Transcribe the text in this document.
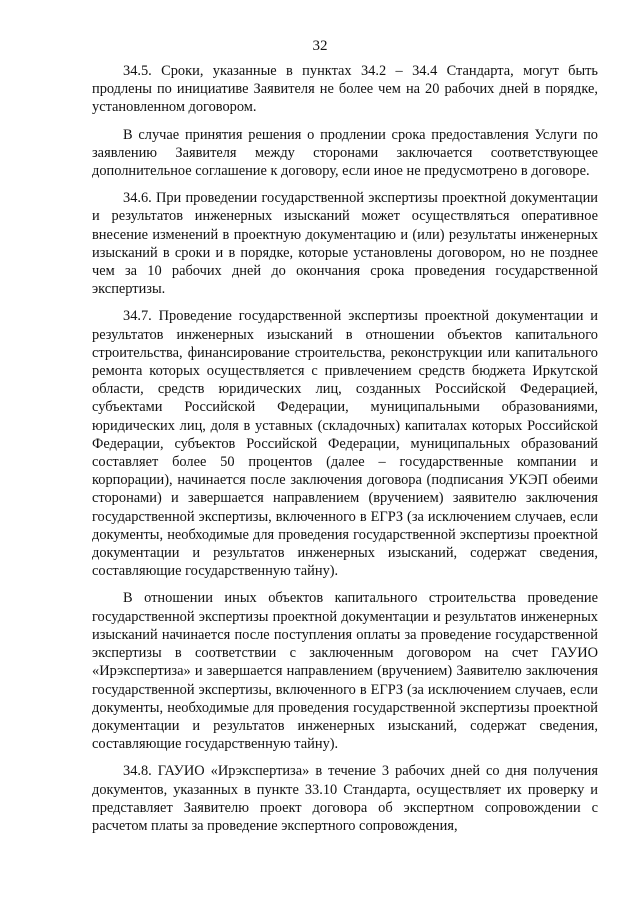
32

34.5. Сроки, указанные в пунктах 34.2 – 34.4 Стандарта, могут быть продлены по инициативе Заявителя не более чем на 20 рабочих дней в порядке, установленном договором.

В случае принятия решения о продлении срока предоставления Услуги по заявлению Заявителя между сторонами заключается соответствующее дополнительное соглашение к договору, если иное не предусмотрено в договоре.

34.6. При проведении государственной экспертизы проектной документации и результатов инженерных изысканий может осуществляться оперативное внесение изменений в проектную документацию и (или) результаты инженерных изысканий в сроки и в порядке, которые установлены договором, но не позднее чем за 10 рабочих дней до окончания срока проведения государственной экспертизы.

34.7. Проведение государственной экспертизы проектной документации и результатов инженерных изысканий в отношении объектов капитального строительства, финансирование строительства, реконструкции или капитального ремонта которых осуществляется с привлечением средств бюджета Иркутской области, средств юридических лиц, созданных Российской Федерацией, субъектами Российской Федерации, муниципальными образованиями, юридических лиц, доля в уставных (складочных) капиталах которых Российской Федерации, субъектов Российской Федерации, муниципальных образований составляет более 50 процентов (далее – государственные компании и корпорации), начинается после заключения договора (подписания УКЭП обеими сторонами) и завершается направлением (вручением) заявителю заключения государственной экспертизы, включенного в ЕГРЗ (за исключением случаев, если документы, необходимые для проведения государственной экспертизы проектной документации и результатов инженерных изысканий, содержат сведения, составляющие государственную тайну).

В отношении иных объектов капитального строительства проведение государственной экспертизы проектной документации и результатов инженерных изысканий начинается после поступления оплаты за проведение государственной экспертизы в соответствии с заключенным договором на счет ГАУИО «Ирэкспертиза» и завершается направлением (вручением) Заявителю заключения государственной экспертизы, включенного в ЕГРЗ (за исключением случаев, если документы, необходимые для проведения государственной экспертизы проектной документации и результатов инженерных изысканий, содержат сведения, составляющие государственную тайну).

34.8. ГАУИО «Ирэкспертиза» в течение 3 рабочих дней со дня получения документов, указанных в пункте 33.10 Стандарта, осуществляет их проверку и представляет Заявителю проект договора об экспертном сопровождении с расчетом платы за проведение экспертного сопровождения,
